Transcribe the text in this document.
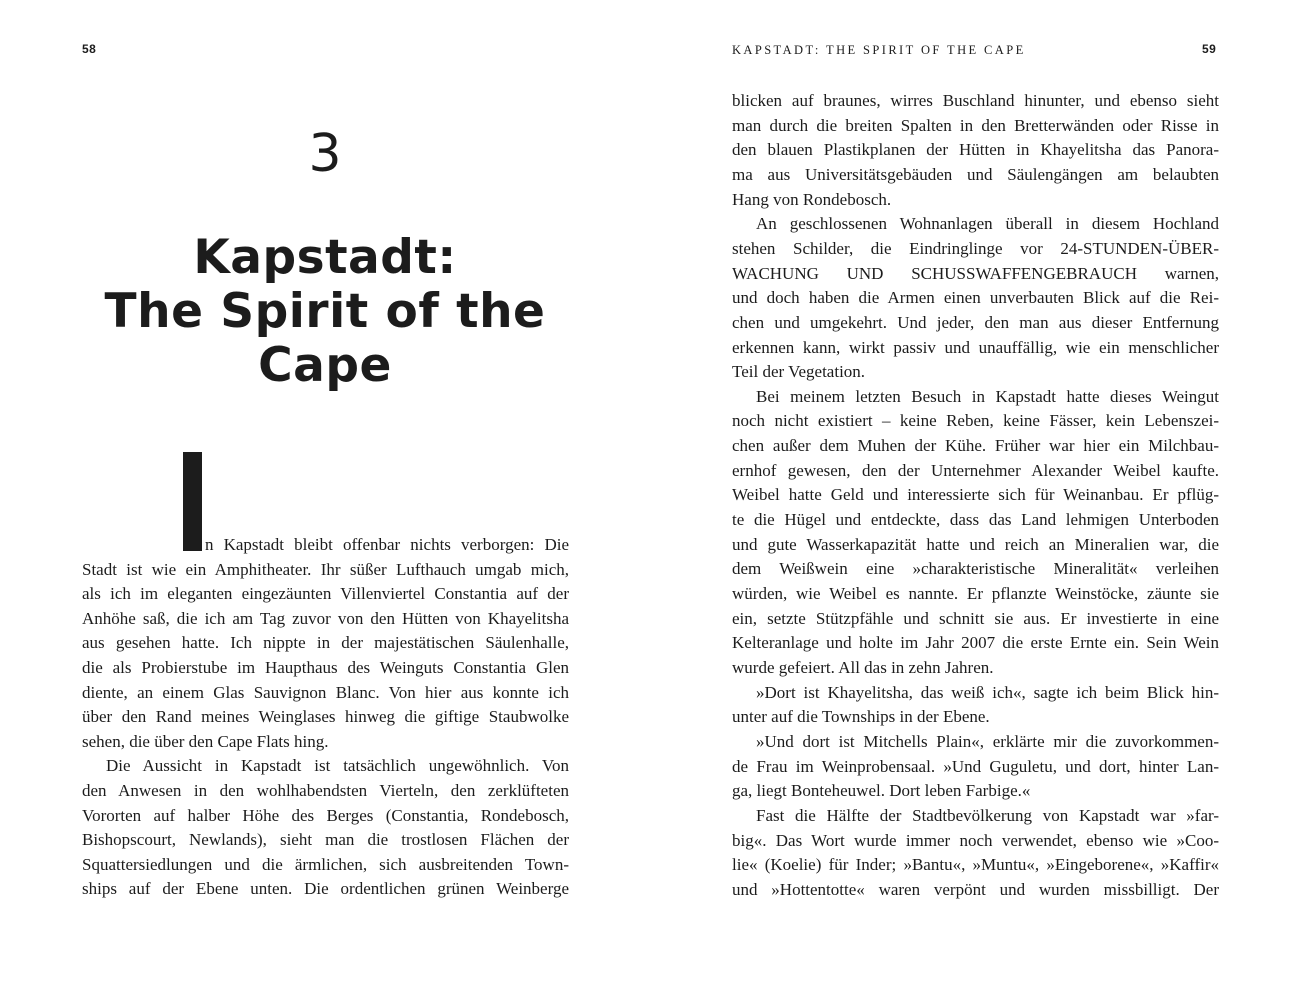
58
3
Kapstadt:
The Spirit of the
Cape
n Kapstadt bleibt offenbar nichts verborgen: Die
Stadt ist wie ein Amphitheater. Ihr süßer Lufthauch umgab mich,
als ich im eleganten eingezäunten Villenviertel Constantia auf der
Anhöhe saß, die ich am Tag zuvor von den Hütten von Khayelitsha
aus gesehen hatte. Ich nippte in der majestätischen Säulenhalle,
die als Probierstube im Haupthaus des Weinguts Constantia Glen
diente, an einem Glas Sauvignon Blanc. Von hier aus konnte ich
über den Rand meines Weinglases hinweg die giftige Staubwolke
sehen, die über den Cape Flats hing.
Die Aussicht in Kapstadt ist tatsächlich ungewöhnlich. Von
den Anwesen in den wohlhabendsten Vierteln, den zerklüfteten
Vororten auf halber Höhe des Berges (Constantia, Rondebosch,
Bishopscourt, Newlands), sieht man die trostlosen Flächen der
Squattersiedlungen und die ärmlichen, sich ausbreitenden Town-
ships auf der Ebene unten. Die ordentlichen grünen Weinberge
KAPSTADT: THE SPIRIT OF THE CAPE	59
blicken auf braunes, wirres Buschland hinunter, und ebenso sieht
man durch die breiten Spalten in den Bretterwänden oder Risse in
den blauen Plastikplanen der Hütten in Khayelitsha das Panora-
ma aus Universitätsgebäuden und Säulengängen am belaubten
Hang von Rondebosch.
An geschlossenen Wohnanlagen überall in diesem Hochland
stehen Schilder, die Eindringlinge vor 24-STUNDEN-ÜBER-
WACHUNG UND SCHUSSWAFFENGEBRAUCH warnen,
und doch haben die Armen einen unverbauten Blick auf die Rei-
chen und umgekehrt. Und jeder, den man aus dieser Entfernung
erkennen kann, wirkt passiv und unauffällig, wie ein menschlicher
Teil der Vegetation.
Bei meinem letzten Besuch in Kapstadt hatte dieses Weingut
noch nicht existiert – keine Reben, keine Fässer, kein Lebenszei-
chen außer dem Muhen der Kühe. Früher war hier ein Milchbau-
ernhof gewesen, den der Unternehmer Alexander Weibel kaufte.
Weibel hatte Geld und interessierte sich für Weinanbau. Er pflüg-
te die Hügel und entdeckte, dass das Land lehmigen Unterboden
und gute Wasserkapazität hatte und reich an Mineralien war, die
dem Weißwein eine »charakteristische Mineralität« verleihen
würden, wie Weibel es nannte. Er pflanzte Weinstöcke, zäunte sie
ein, setzte Stützpfähle und schnitt sie aus. Er investierte in eine
Kelteranlage und holte im Jahr 2007 die erste Ernte ein. Sein Wein
wurde gefeiert. All das in zehn Jahren.
»Dort ist Khayelitsha, das weiß ich«, sagte ich beim Blick hin-
unter auf die Townships in der Ebene.
»Und dort ist Mitchells Plain«, erklärte mir die zuvorkommen-
de Frau im Weinprobensaal. »Und Guguletu, und dort, hinter Lan-
ga, liegt Bonteheuwel. Dort leben Farbige.«
Fast die Hälfte der Stadtbevölkerung von Kapstadt war »far-
big«. Das Wort wurde immer noch verwendet, ebenso wie »Coo-
lie« (Koelie) für Inder; »Bantu«, »Muntu«, »Eingeborene«, »Kaffir«
und »Hottentotte« waren verpönt und wurden missbilligt. Der
